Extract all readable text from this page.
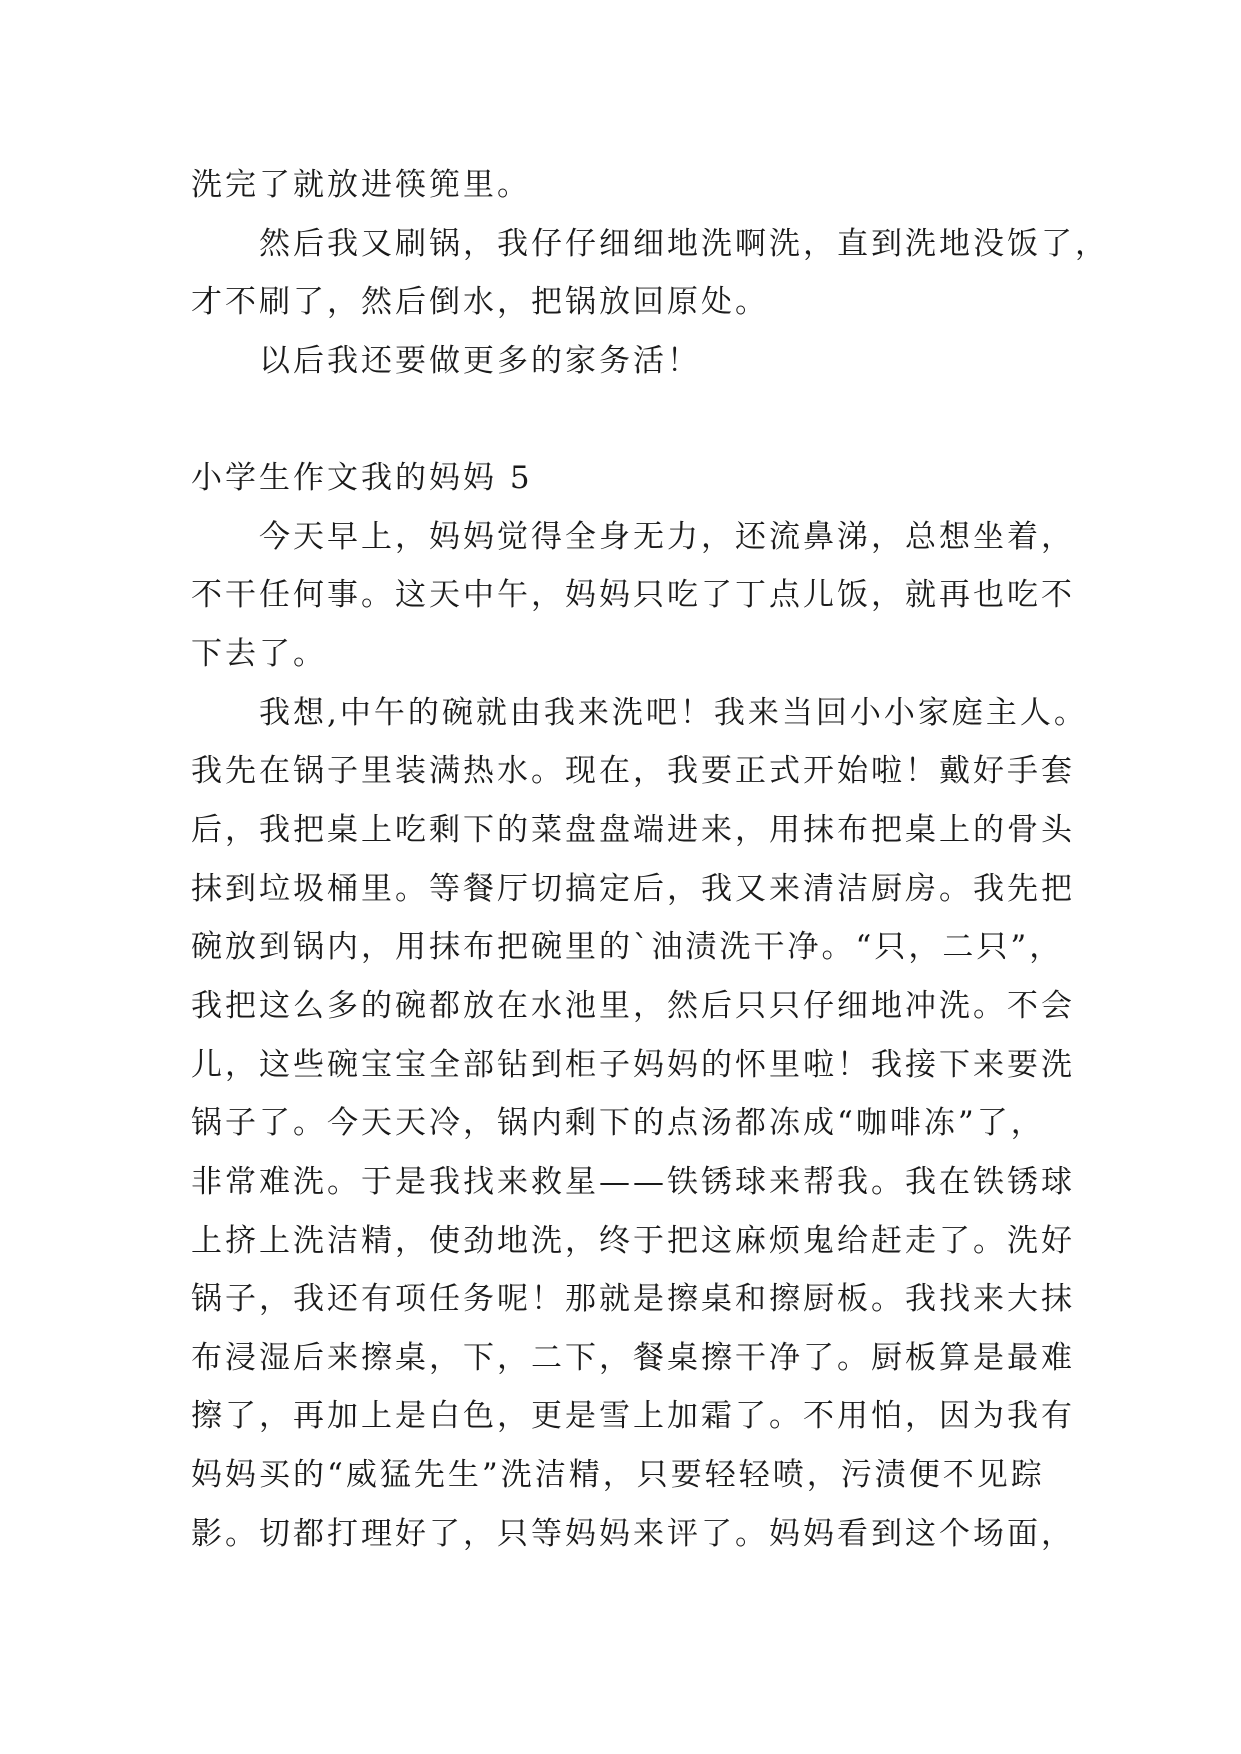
洗完了就放进筷篼里。
然后我又刷锅，我仔仔细细地洗啊洗，直到洗地没饭了，
才不刷了，然后倒水，把锅放回原处。
以后我还要做更多的家务活！
小学生作文我的妈妈 5
今天早上，妈妈觉得全身无力，还流鼻涕，总想坐着，
不干任何事。这天中午，妈妈只吃了丁点儿饭，就再也吃不
下去了。
我想,中午的碗就由我来洗吧！我来当回小小家庭主人。
我先在锅子里装满热水。现在，我要正式开始啦！戴好手套
后，我把桌上吃剩下的菜盘盘端进来，用抹布把桌上的骨头
抹到垃圾桶里。等餐厅切搞定后，我又来清洁厨房。我先把
碗放到锅内，用抹布把碗里的`油渍洗干净。“只，二只”，
我把这么多的碗都放在水池里，然后只只仔细地冲洗。不会
儿，这些碗宝宝全部钻到柜子妈妈的怀里啦！我接下来要洗
锅子了。今天天冷，锅内剩下的点汤都冻成“咖啡冻”了，
非常难洗。于是我找来救星——铁锈球来帮我。我在铁锈球
上挤上洗洁精，使劲地洗，终于把这麻烦鬼给赶走了。洗好
锅子，我还有项任务呢！那就是擦桌和擦厨板。我找来大抹
布浸湿后来擦桌，下，二下，餐桌擦干净了。厨板算是最难
擦了，再加上是白色，更是雪上加霜了。不用怕，因为我有
妈妈买的“威猛先生”洗洁精，只要轻轻喷，污渍便不见踪
影。切都打理好了，只等妈妈来评了。妈妈看到这个场面，
